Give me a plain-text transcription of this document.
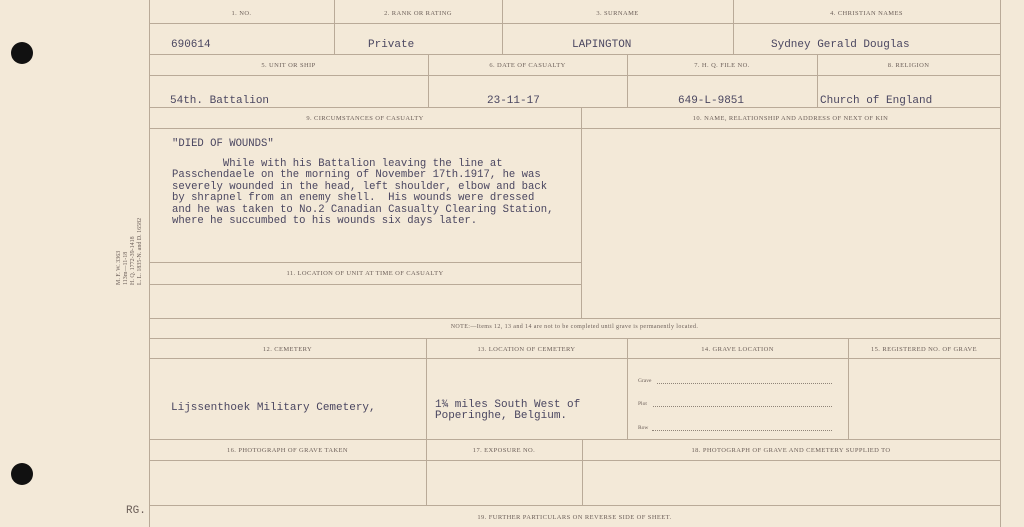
M. F. W. 3363 113m—11-18 H. Q. 1772-39-1418 L. L. 1835-N. and D. 16582
RG.
1. NO.	2. RANK OR RATING	3. SURNAME	4. CHRISTIAN NAMES
690614	Private	LAPINGTON	Sydney Gerald Douglas
5. UNIT OR SHIP	6. DATE OF CASUALTY	7. H. Q. FILE NO.	8. RELIGION
54th. Battalion	23-11-17	649-L-9851	Church of England
9. CIRCUMSTANCES OF CASUALTY	10. NAME, RELATIONSHIP AND ADDRESS OF NEXT OF KIN
"DIED OF WOUNDS"
While with his Battalion leaving the line at
Passchendaele on the morning of November 17th.1917, he was
severely wounded in the head, left shoulder, elbow and back
by shrapnel from an enemy shell.  His wounds were dressed
and he was taken to No.2 Canadian Casualty Clearing Station,
where he succumbed to his wounds six days later.
11. LOCATION OF UNIT AT TIME OF CASUALTY
NOTE:—Items 12, 13 and 14 are not to be completed until grave is permanently located.
12. CEMETERY	13. LOCATION OF CEMETERY	14. GRAVE LOCATION	15. REGISTERED NO. OF GRAVE
Lijssenthoek Military Cemetery,	1¾ miles South West of
Poperinghe, Belgium.
Grave
Plot
Row
16. PHOTOGRAPH OF GRAVE TAKEN	17. EXPOSURE NO.	18. PHOTOGRAPH OF GRAVE AND CEMETERY SUPPLIED TO
19. FURTHER PARTICULARS ON REVERSE SIDE OF SHEET.
